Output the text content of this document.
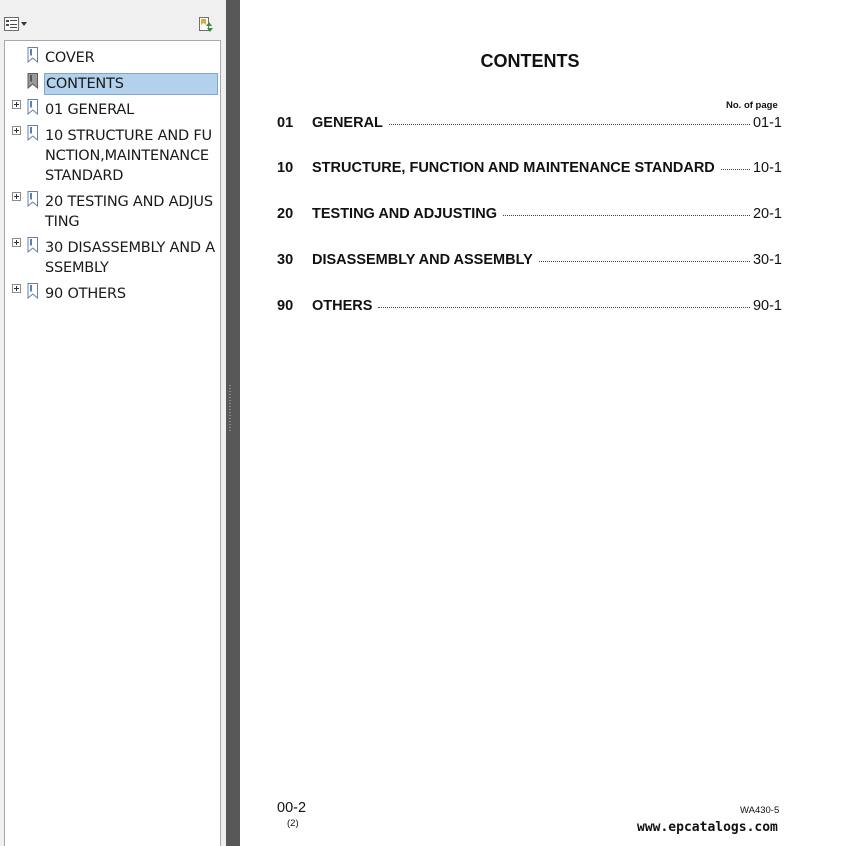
COVER
CONTENTS
01 GENERAL
10 STRUCTURE AND FUNCTION,MAINTENANCE STANDARD
20 TESTING AND ADJUSTING
30 DISASSEMBLY AND ASSEMBLY
90 OTHERS
CONTENTS
No. of page
01	GENERAL	01-1
10	STRUCTURE, FUNCTION AND MAINTENANCE STANDARD	10-1
20	TESTING AND ADJUSTING	20-1
30	DISASSEMBLY AND ASSEMBLY	30-1
90	OTHERS	90-1
00-2
(2)
WA430-5
www.epcatalogs.com
